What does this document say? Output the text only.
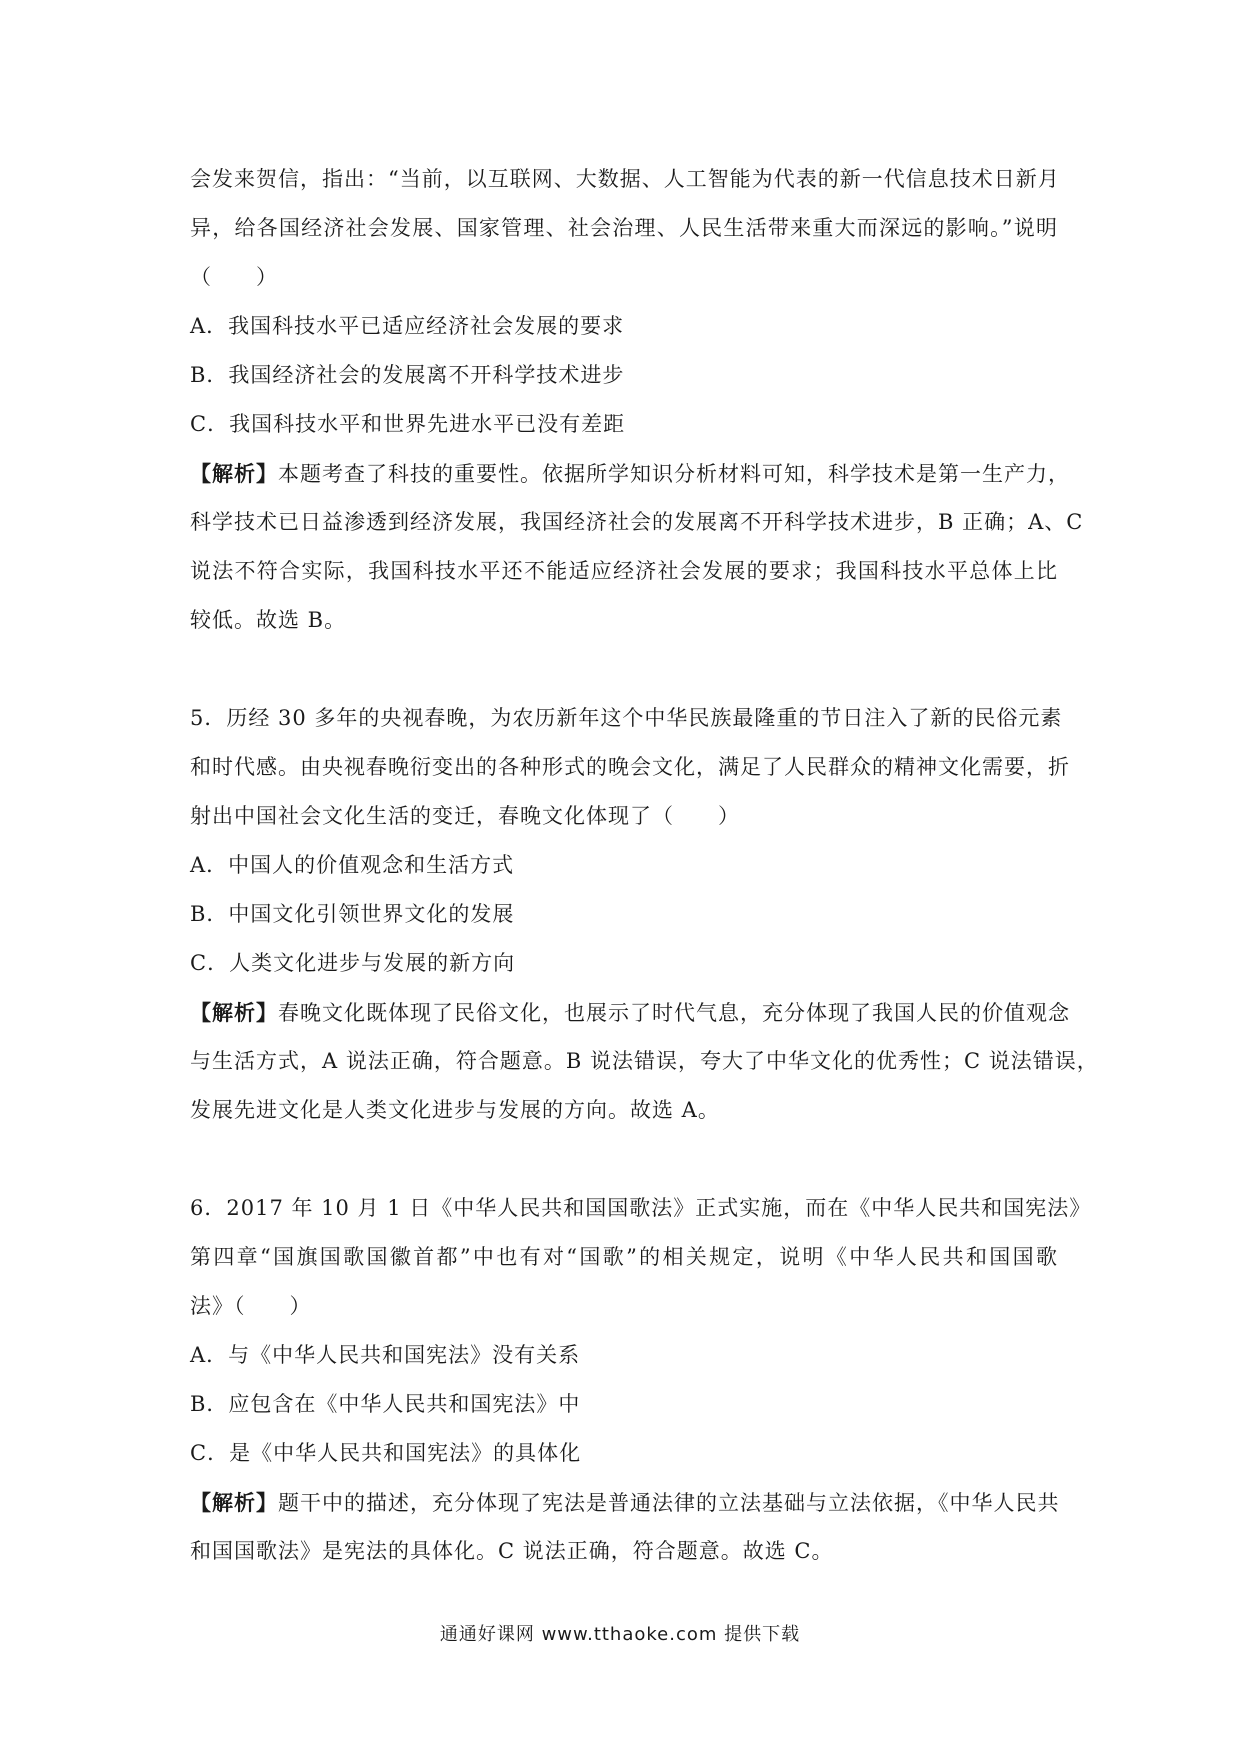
会发来贺信，指出：“当前，以互联网、大数据、人工智能为代表的新一代信息技术日新月
异，给各国经济社会发展、国家管理、社会治理、人民生活带来重大而深远的影响。”说明
（　　）
A．我国科技水平已适应经济社会发展的要求
B．我国经济社会的发展离不开科学技术进步
C．我国科技水平和世界先进水平已没有差距
【解析】本题考查了科技的重要性。依据所学知识分析材料可知，科学技术是第一生产力，
科学技术已日益渗透到经济发展，我国经济社会的发展离不开科学技术进步，B 正确；A、C
说法不符合实际，我国科技水平还不能适应经济社会发展的要求；我国科技水平总体上比
较低。故选 B。
5．历经 30 多年的央视春晚，为农历新年这个中华民族最隆重的节日注入了新的民俗元素
和时代感。由央视春晚衍变出的各种形式的晚会文化，满足了人民群众的精神文化需要，折
射出中国社会文化生活的变迁，春晚文化体现了（　　）
A．中国人的价值观念和生活方式
B．中国文化引领世界文化的发展
C．人类文化进步与发展的新方向
【解析】春晚文化既体现了民俗文化，也展示了时代气息，充分体现了我国人民的价值观念
与生活方式，A 说法正确，符合题意。B 说法错误，夸大了中华文化的优秀性；C 说法错误，
发展先进文化是人类文化进步与发展的方向。故选 A。
6．2017 年 10 月 1 日《中华人民共和国国歌法》正式实施，而在《中华人民共和国宪法》
第四章“国旗国歌国徽首都”中也有对“国歌”的相关规定，说明《中华人民共和国国歌
法》（　　）
A．与《中华人民共和国宪法》没有关系
B．应包含在《中华人民共和国宪法》中
C．是《中华人民共和国宪法》的具体化
【解析】题干中的描述，充分体现了宪法是普通法律的立法基础与立法依据，《中华人民共
和国国歌法》是宪法的具体化。C 说法正确，符合题意。故选 C。
通通好课网 www.tthaoke.com 提供下载
